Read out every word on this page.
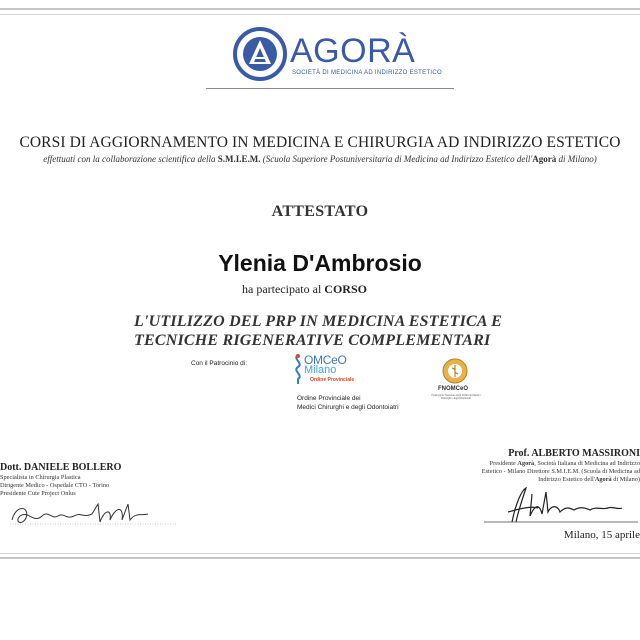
AGORÀ
SOCIETÀ DI MEDICINA AD INDIRIZZO ESTETICO
CORSI DI AGGIORNAMENTO IN MEDICINA E CHIRURGIA AD INDIRIZZO ESTETICO
effettuati con la collaborazione scientifica della S.M.I.E.M. (Scuola Superiore Postuniversitaria di Medicina ad Indirizzo Estetico dell'Agorà di Milano)
ATTESTATO
Ylenia D'Ambrosio
ha partecipato al CORSO
L'UTILIZZO DEL PRP IN MEDICINA ESTETICA E
TECNICHE RIGENERATIVE COMPLEMENTARI
Con il Patrocinio di:	OMCeO
Milano
Ordine Provinciale
Ordine Provinciale dei
Medici Chirurghi e degli Odontoiatri
FNOMCeO
Federazione Nazionale degli Ordini dei Medici Chirurghi e degli Odontoiatri
Dott. DANIELE BOLLERO
Specialista in Chirurgia Plastica
Dirigente Medico - Ospedale CTO - Torino
Presidente Cute Project Onlus
Prof. ALBERTO MASSIRONI
Presidente Agorà, Società Italiana di Medicina ad Indirizzo
Estetico - Milano Direttore S.M.I.E.M. (Scuola di Medicina ad
Indirizzo Estetico dell'Agorà di Milano)
Milano, 15 aprile
